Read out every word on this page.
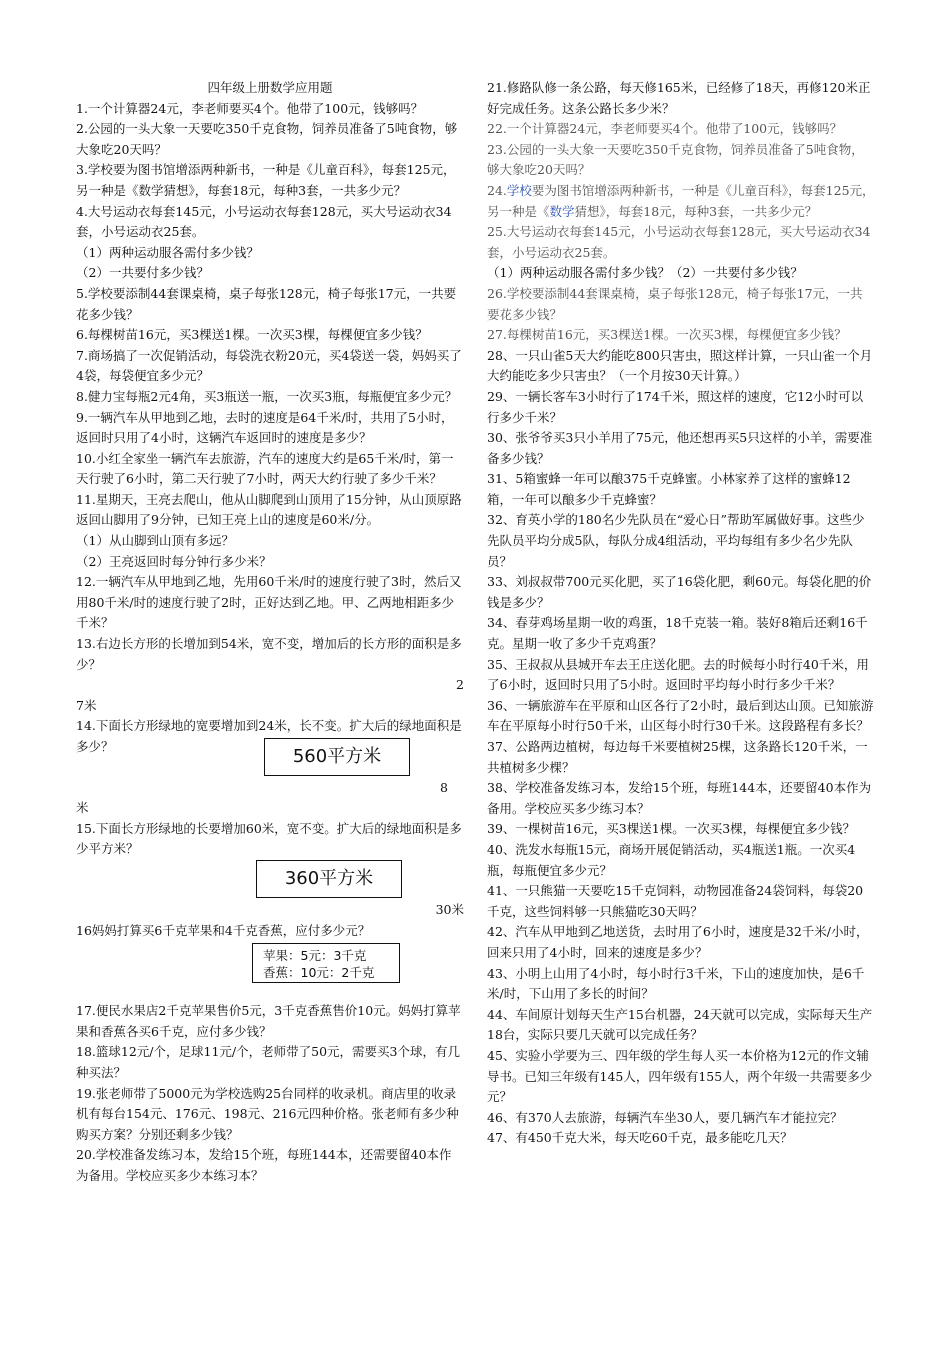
四年级上册数学应用题

1.一个计算器24元，李老师要买4个。他带了100元，钱够吗？

2.公园的一头大象一天要吃350千克食物，饲养员准备了5吨食物，够大象吃20天吗？

3.学校要为图书馆增添两种新书，一种是《儿童百科》，每套125元，另一种是《数学猜想》，每套18元，每种3套，一共多少元？

4.大号运动衣每套145元，小号运动衣每套128元，买大号运动衣34套，小号运动衣25套。

（1）两种运动服各需付多少钱？

（2）一共要付多少钱？

5.学校要添制44套课桌椅，桌子每张128元，椅子每张17元，一共要花多少钱？

6.每棵树苗16元，买3棵送1棵。一次买3棵，每棵便宜多少钱？

7.商场搞了一次促销活动，每袋洗衣粉20元，买4袋送一袋，妈妈买了4袋，每袋便宜多少元？

8.健力宝每瓶2元4角，买3瓶送一瓶，一次买3瓶，每瓶便宜多少元？

9.一辆汽车从甲地到乙地，去时的速度是64千米/时，共用了5小时，返回时只用了4小时，这辆汽车返回时的速度是多少？

10.小红全家坐一辆汽车去旅游，汽车的速度大约是65千米/时，第一天行驶了6小时，第二天行驶了7小时，两天大约行驶了多少千米？

11.星期天，王亮去爬山，他从山脚爬到山顶用了15分钟，从山顶原路返回山脚用了9分钟，已知王亮上山的速度是60米/分。

（1）从山脚到山顶有多远？

（2）王亮返回时每分钟行多少米？

12.一辆汽车从甲地到乙地，先用60千米/时的速度行驶了3时，然后又用80千米/时的速度行驶了2时，正好达到乙地。甲、乙两地相距多少千米？

13.右边长方形的长增加到54米，宽不变，增加后的长方形的面积是多少？

2

7米

14.下面长方形绿地的宽要增加到24米，长不变。扩大后的绿地面积是多少？	560平方米

8

米

15.下面长方形绿地的长要增加60米，宽不变。扩大后的绿地面积是多少平方米？

360平方米

30米

16妈妈打算买6千克苹果和4千克香蕉，应付多少元？

苹果：5元：3千克
香蕉：10元：2千克

17.便民水果店2千克苹果售价5元，3千克香蕉售价10元。妈妈打算苹果和香蕉各买6千克，应付多少钱？

18.篮球12元/个，足球11元/个，老师带了50元，需要买3个球，有几种买法？

19.张老师带了5000元为学校选购25台同样的收录机。商店里的收录机有每台154元、176元、198元、216元四种价格。张老师有多少种购买方案？分别还剩多少钱？

20.学校准备发练习本，发给15个班，每班144本，还需要留40本作为备用。学校应买多少本练习本？

21.修路队修一条公路，每天修165米，已经修了18天，再修120米正好完成任务。这条公路长多少米？

22.一个计算器24元，李老师要买4个。他带了100元，钱够吗？

23.公园的一头大象一天要吃350千克食物，饲养员准备了5吨食物，够大象吃20天吗？

24.学校要为图书馆增添两种新书，一种是《儿童百科》，每套125元，另一种是《数学猜想》，每套18元，每种3套，一共多少元？

25.大号运动衣每套145元，小号运动衣每套128元，买大号运动衣34套，小号运动衣25套。

（1）两种运动服各需付多少钱？（2）一共要付多少钱？

26.学校要添制44套课桌椅，桌子每张128元，椅子每张17元，一共要花多少钱？

27.每棵树苗16元，买3棵送1棵。一次买3棵，每棵便宜多少钱？

28、一只山雀5天大约能吃800只害虫，照这样计算，一只山雀一个月大约能吃多少只害虫？（一个月按30天计算。）

29、一辆长客车3小时行了174千米，照这样的速度，它12小时可以行多少千米？

30、张爷爷买3只小羊用了75元，他还想再买5只这样的小羊，需要准备多少钱？

31、5箱蜜蜂一年可以酿375千克蜂蜜。小林家养了这样的蜜蜂12箱，一年可以酿多少千克蜂蜜？

32、育英小学的180名少先队员在“爱心日”帮助军属做好事。这些少先队员平均分成5队，每队分成4组活动，平均每组有多少名少先队员？

33、刘叔叔带700元买化肥，买了16袋化肥，剩60元。每袋化肥的价钱是多少？

34、春芽鸡场星期一收的鸡蛋，18千克装一箱。装好8箱后还剩16千克。星期一收了多少千克鸡蛋？

35、王叔叔从县城开车去王庄送化肥。去的时候每小时行40千米，用了6小时，返回时只用了5小时。返回时平均每小时行多少千米？

36、一辆旅游车在平原和山区各行了2小时，最后到达山顶。已知旅游车在平原每小时行50千米，山区每小时行30千米。这段路程有多长？

37、公路两边植树，每边每千米要植树25棵，这条路长120千米，一共植树多少棵？

38、学校准备发练习本，发给15个班，每班144本，还要留40本作为备用。学校应买多少练习本？

39、一棵树苗16元，买3棵送1棵。一次买3棵，每棵便宜多少钱？

40、洗发水每瓶15元，商场开展促销活动，买4瓶送1瓶。一次买4瓶，每瓶便宜多少元？

41、一只熊猫一天要吃15千克饲料，动物园准备24袋饲料，每袋20千克，这些饲料够一只熊猫吃30天吗？

42、汽车从甲地到乙地送货，去时用了6小时，速度是32千米/小时，回来只用了4小时，回来的速度是多少？

43、小明上山用了4小时，每小时行3千米，下山的速度加快，是6千米/时，下山用了多长的时间？

44、车间原计划每天生产15台机器，24天就可以完成，实际每天生产18台，实际只要几天就可以完成任务？

45、实验小学要为三、四年级的学生每人买一本价格为12元的作文辅导书。已知三年级有145人，四年级有155人，两个年级一共需要多少元？

46、有370人去旅游，每辆汽车坐30人，要几辆汽车才能拉完？

47、有450千克大米，每天吃60千克，最多能吃几天？
